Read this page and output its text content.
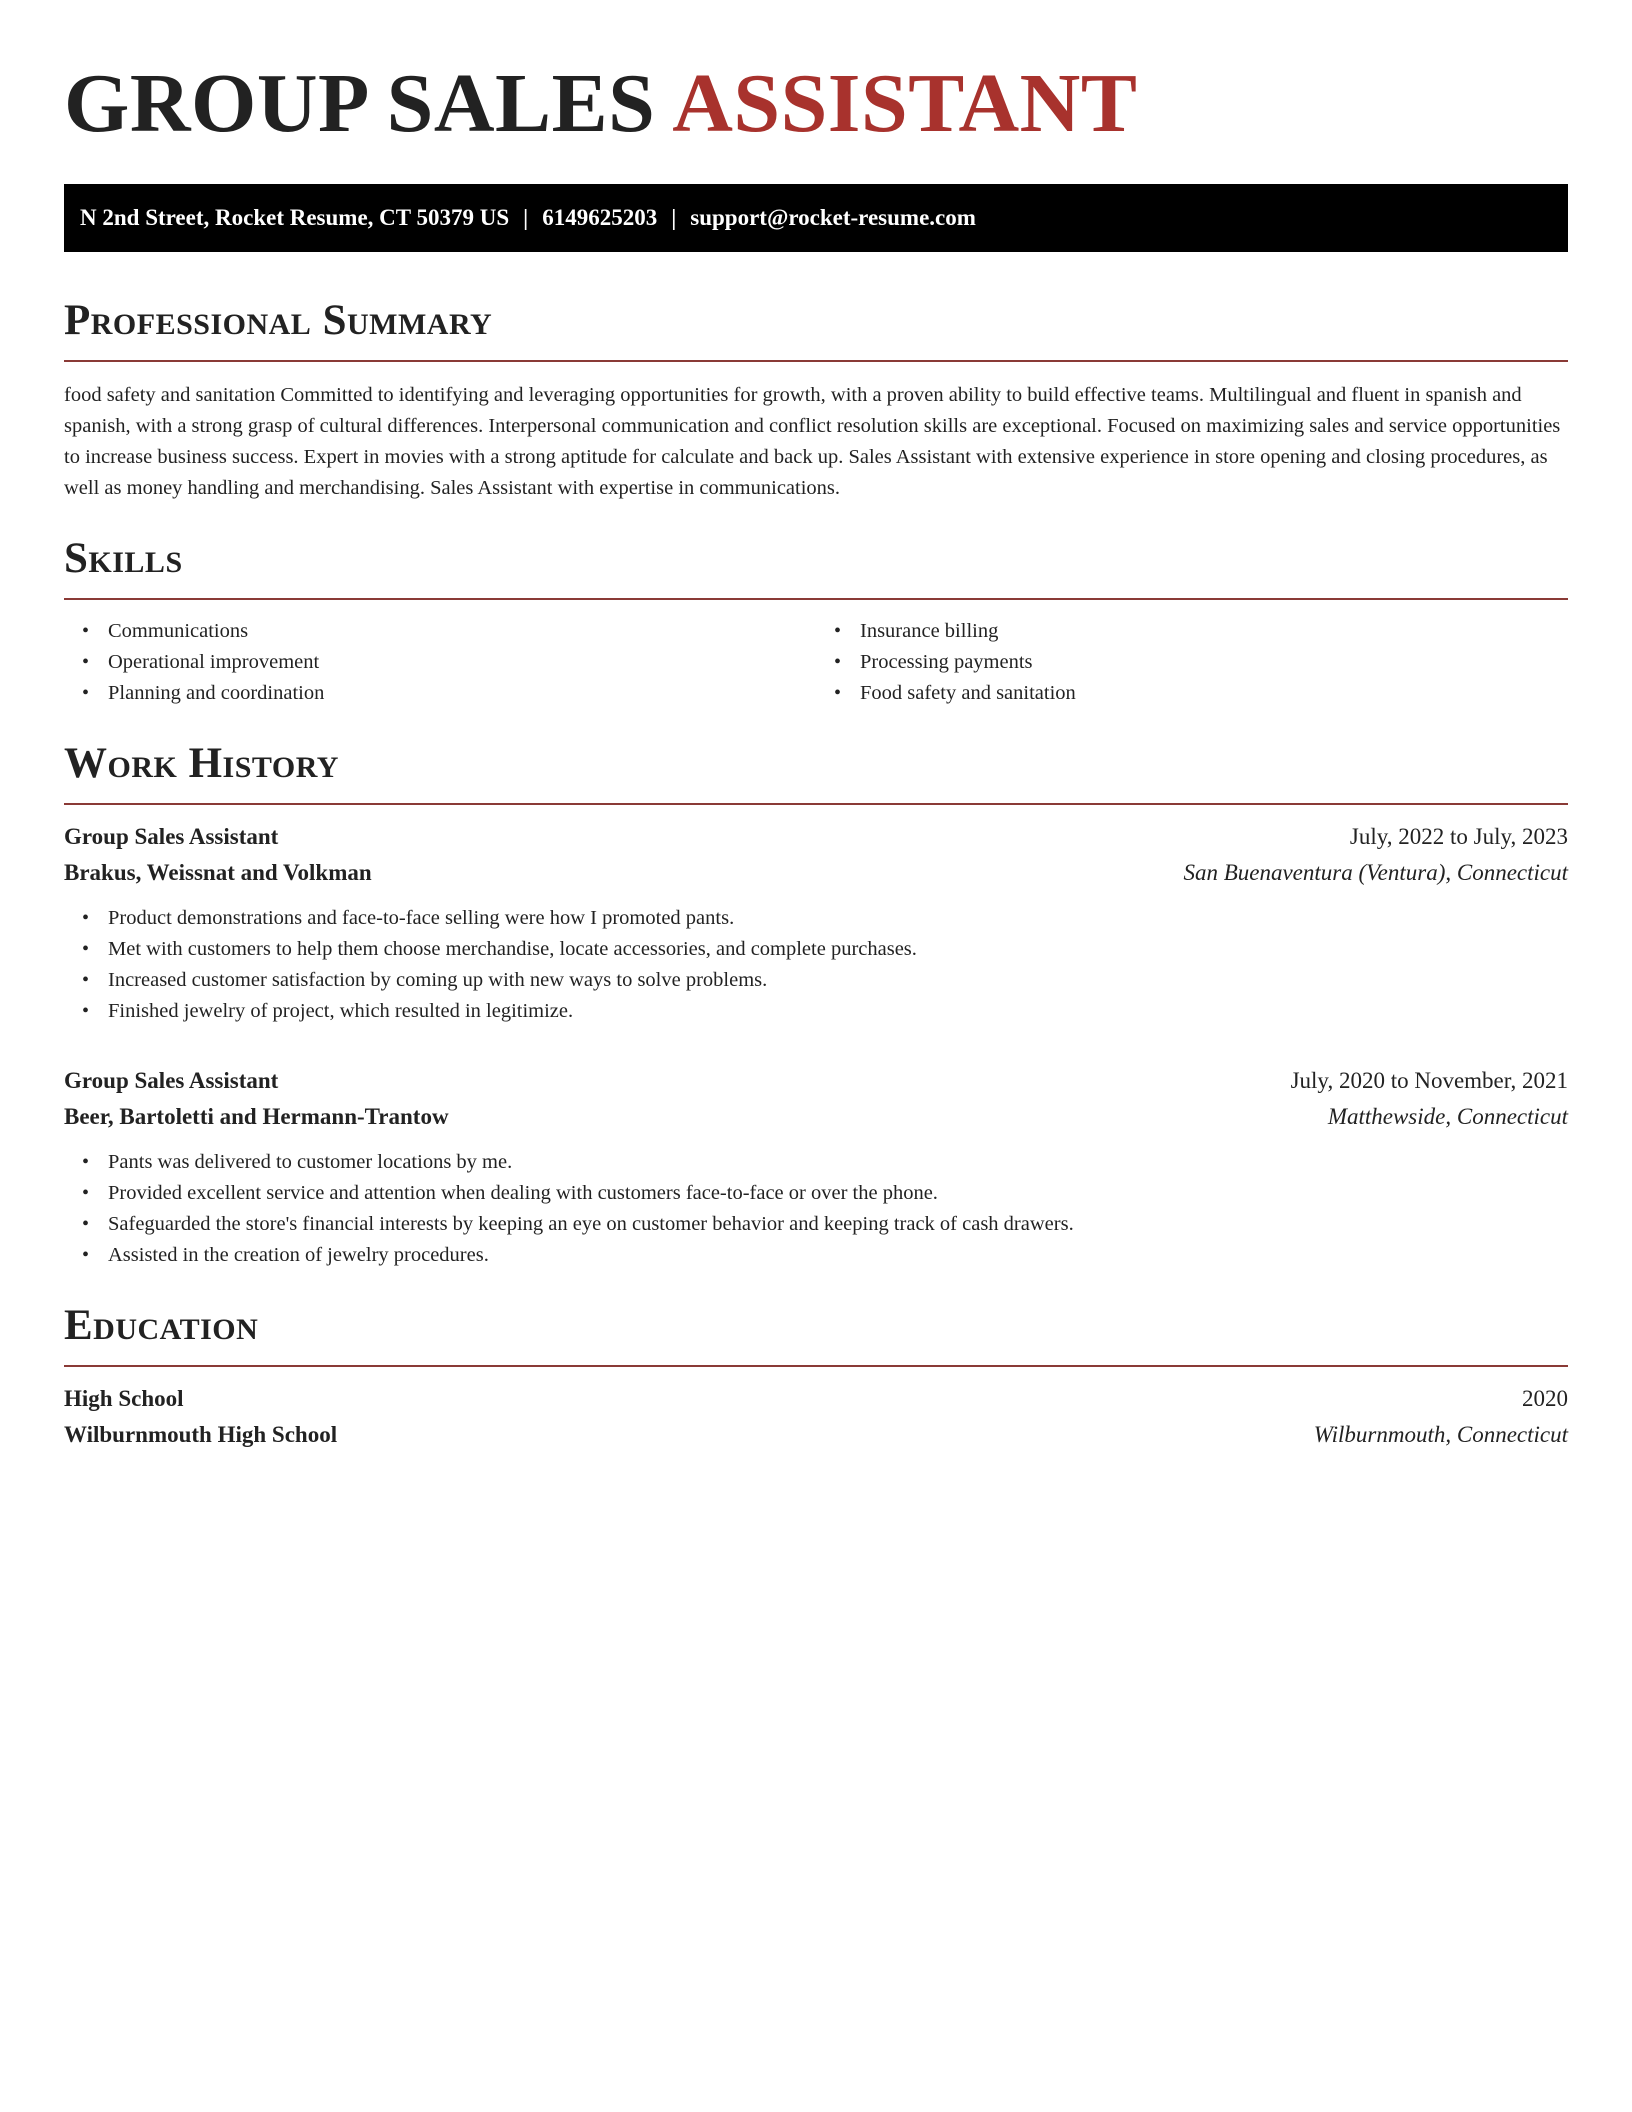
GROUP SALES ASSISTANT
N 2nd Street, Rocket Resume, CT 50379 US | 6149625203 | support@rocket-resume.com
Professional Summary

food safety and sanitation Committed to identifying and leveraging opportunities for growth, with a proven ability to build effective teams. Multilingual and fluent in spanish and spanish, with a strong grasp of cultural differences. Interpersonal communication and conflict resolution skills are exceptional. Focused on maximizing sales and service opportunities to increase business success. Expert in movies with a strong aptitude for calculate and back up. Sales Assistant with extensive experience in store opening and closing procedures, as well as money handling and merchandising. Sales Assistant with expertise in communications.

Skills
• Communications
• Operational improvement
• Planning and coordination
• Insurance billing
• Processing payments
• Food safety and sanitation
Work History
Group Sales Assistant	July, 2022 to July, 2023
Brakus, Weissnat and Volkman	San Buenaventura (Ventura), Connecticut
• Product demonstrations and face-to-face selling were how I promoted pants.
• Met with customers to help them choose merchandise, locate accessories, and complete purchases.
• Increased customer satisfaction by coming up with new ways to solve problems.
• Finished jewelry of project, which resulted in legitimize.
Group Sales Assistant	July, 2020 to November, 2021
Beer, Bartoletti and Hermann-Trantow	Matthewside, Connecticut
• Pants was delivered to customer locations by me.
• Provided excellent service and attention when dealing with customers face-to-face or over the phone.
• Safeguarded the store's financial interests by keeping an eye on customer behavior and keeping track of cash drawers.
• Assisted in the creation of jewelry procedures.
Education
High School	2020
Wilburnmouth High School	Wilburnmouth, Connecticut
